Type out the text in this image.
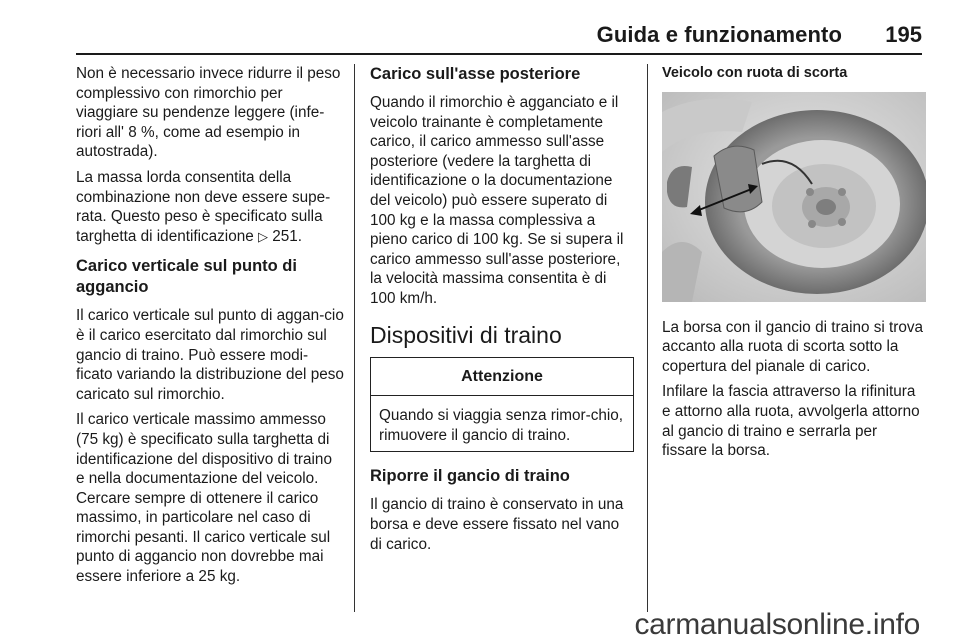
Guida e funzionamento 195

Non è necessario invece ridurre il peso complessivo con rimorchio per viaggiare su pendenze leggere (infe-riori all' 8 %, come ad esempio in autostrada).

La massa lorda consentita della combinazione non deve essere supe-rata. Questo peso è specificato sulla targhetta di identificazione ▷ 251.

Carico verticale sul punto di aggancio

Il carico verticale sul punto di aggan-cio è il carico esercitato dal rimorchio sul gancio di traino. Può essere modi-ficato variando la distribuzione del peso caricato sul rimorchio.

Il carico verticale massimo ammesso (75 kg) è specificato sulla targhetta di identificazione del dispositivo di traino e nella documentazione del veicolo. Cercare sempre di ottenere il carico massimo, in particolare nel caso di rimorchi pesanti. Il carico verticale sul punto di aggancio non dovrebbe mai essere inferiore a 25 kg.

Carico sull'asse posteriore

Quando il rimorchio è agganciato e il veicolo trainante è completamente carico, il carico ammesso sull'asse posteriore (vedere la targhetta di identificazione o la documentazione del veicolo) può essere superato di 100 kg e la massa complessiva a pieno carico di 100 kg. Se si supera il carico ammesso sull'asse posteriore, la velocità massima consentita è di 100 km/h.

Dispositivi di traino
Attenzione

Quando si viaggia senza rimor-chio, rimuovere il gancio di traino.

Riporre il gancio di traino

Il gancio di traino è conservato in una borsa e deve essere fissato nel vano di carico.

Veicolo con ruota di scorta

La borsa con il gancio di traino si trova accanto alla ruota di scorta sotto la copertura del pianale di carico.

Infilare la fascia attraverso la rifinitura e attorno alla ruota, avvolgerla attorno al gancio di traino e serrarla per fissare la borsa.

carmanualsonline.info
